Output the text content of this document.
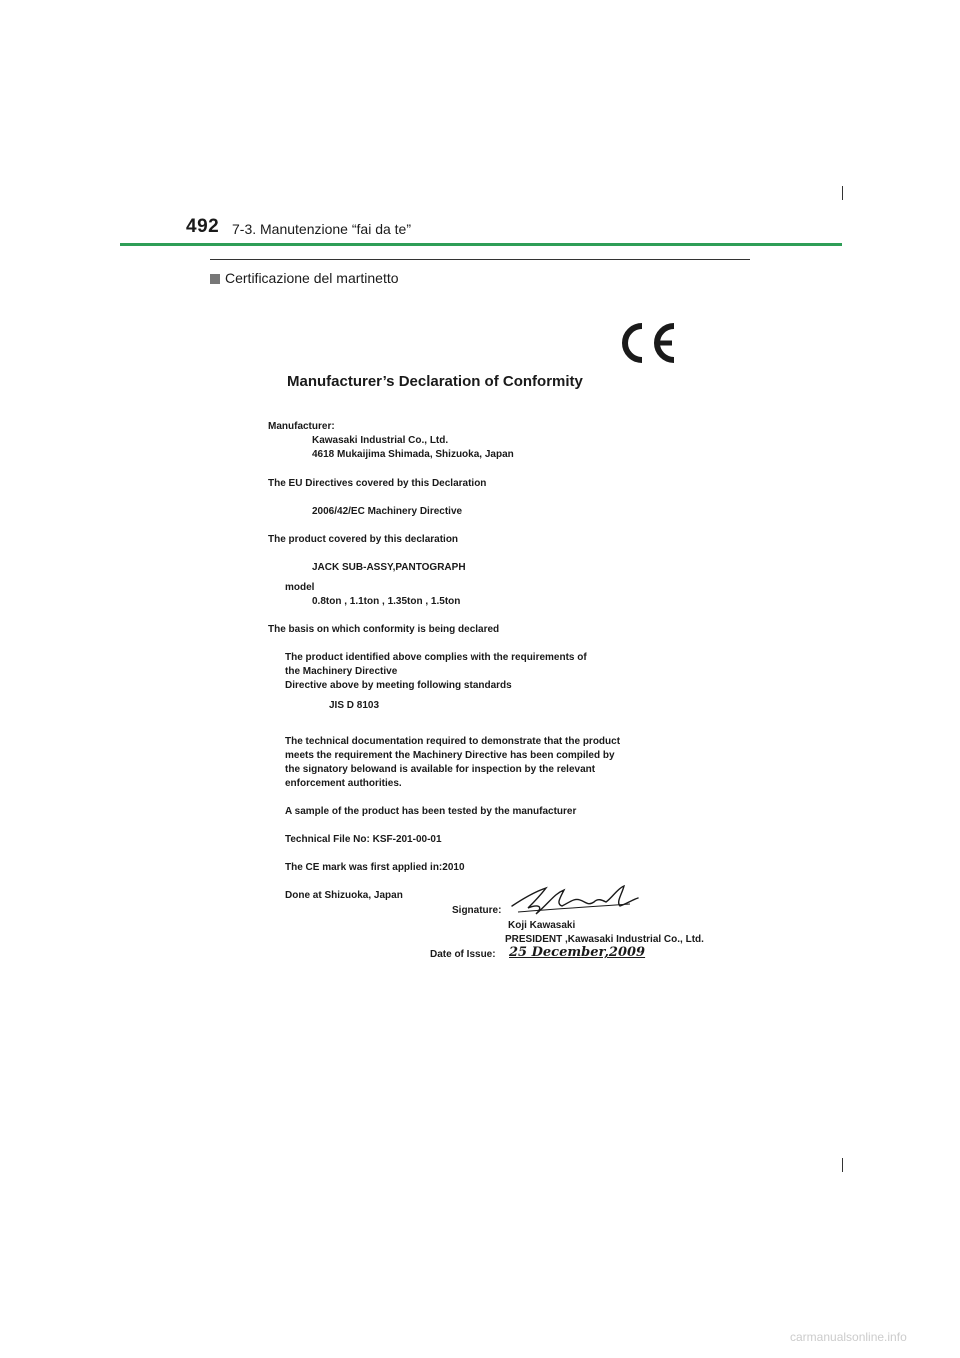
492 7-3. Manutenzione “fai da te”
Certificazione del martinetto
Manufacturer’s Declaration of Conformity
Manufacturer:
Kawasaki Industrial Co., Ltd.
4618 Mukaijima Shimada, Shizuoka, Japan
The EU Directives covered by this Declaration
2006/42/EC Machinery Directive
The product covered by this declaration
JACK SUB-ASSY,PANTOGRAPH
model
0.8ton , 1.1ton , 1.35ton , 1.5ton
The basis on which conformity is being declared
The product identified above complies with the requirements of
the Machinery Directive
Directive above by meeting following standards
JIS D 8103
The technical documentation required to demonstrate that the product
meets the requirement the Machinery Directive has been compiled by
the signatory belowand is available for inspection by the relevant
enforcement authorities.
A sample of the product has been tested by the manufacturer
Technical File No: KSF-201-00-01
The CE mark was first applied in:2010
Done at Shizuoka, Japan
Signature:
Koji Kawasaki
PRESIDENT ,Kawasaki Industrial Co., Ltd.
Date of Issue: 25 December,2009
carmanualsonline.info
